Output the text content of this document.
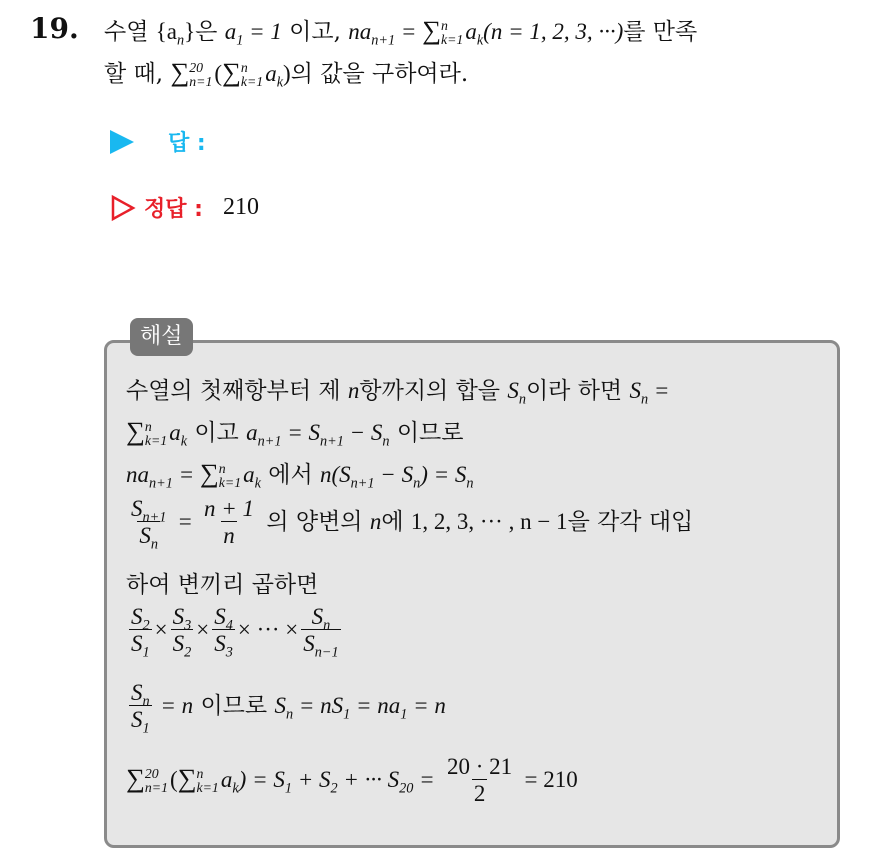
19. 수열 $\{a_n\}$은 $a_1 = 1$ 이고, $na_{n+1}$ = ∑ n
k=1 $a_k(n = 1$, 2, 3, ···)를 만족
할 때, ∑ 20
n=1 (∑ n
k=1 $a_k$)의 값을 구하여라.
답 :
정답 : 210
해설
수열의 첫째항부터 제 n항까지의 합을 $S_n$이라 하면 $S_n$ =
∑ n
k=1 $a_k$ 이고 $a_{n+1} = S_{n+1} - S_n$ 이므로
$na_{n+1}$ = ∑ n
k=1 $a_k$ 에서 $n(S_{n+1} - S_n) = S_n$
$\frac{S_{n+1}}{S_n} = \frac{n + 1}{n}$ 의 양변의 n에 1, 2, 3, ··· , n − 1을 각각 대입
하여 변끼리 곱하면
$\frac{S_2}{S_1} \times \frac{S_3}{S_2} \times \frac{S_4}{S_3}$ × ··· × $\frac{S_n}{S_{n-1}}$
$\frac{S_n}{S_1} = n$ 이므로 $S_n = nS_1 = na_1 = n$
∑ 20
n=1 (∑ n
k=1 $a_k) = S_1 + S_2$ + ··· $S_{20} = \frac{20 \cdot 21}{2} = 210$
